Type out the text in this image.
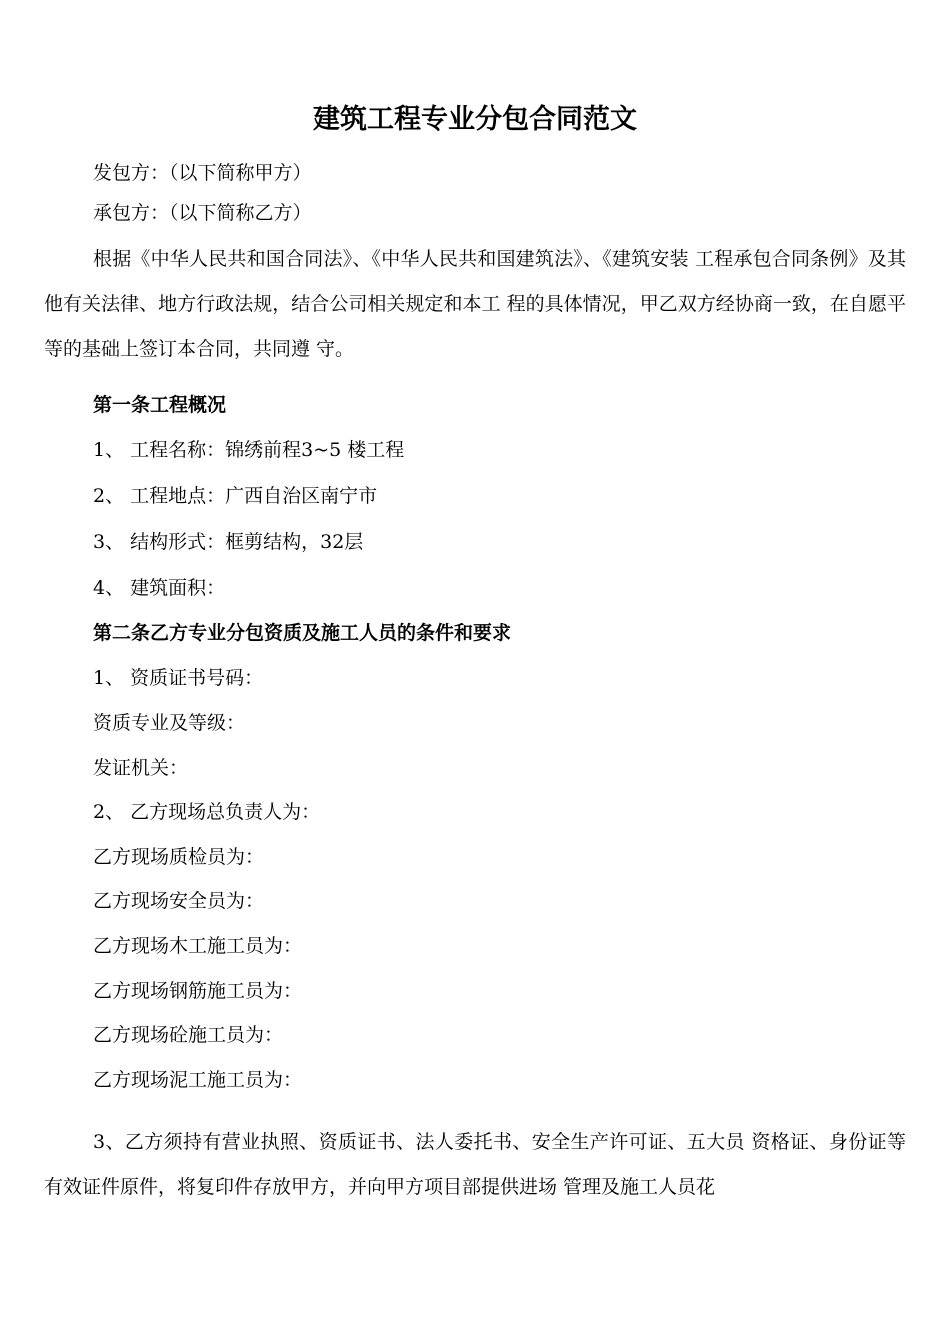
建筑工程专业分包合同范文
发包方：（以下简称甲方）
承包方：（以下简称乙方）
根据《中华人民共和国合同法》、《中华人民共和国建筑法》、《建筑安装 工程承包合同条例》及其他有关法律、地方行政法规，结合公司相关规定和本工 程的具体情况，甲乙双方经协商一致，在自愿平等的基础上签订本合同，共同遵 守。
第一条工程概况
1、 工程名称：锦绣前程3~5 楼工程
2、 工程地点：广西自治区南宁市
3、 结构形式：框剪结构，32层
4、 建筑面积：
第二条乙方专业分包资质及施工人员的条件和要求
1、 资质证书号码：
资质专业及等级：
发证机关：
2、 乙方现场总负责人为：
乙方现场质检员为：
乙方现场安全员为：
乙方现场木工施工员为：
乙方现场钢筋施工员为：
乙方现场砼施工员为：
乙方现场泥工施工员为：
3、乙方须持有营业执照、资质证书、法人委托书、安全生产许可证、五大员 资格证、身份证等有效证件原件，将复印件存放甲方，并向甲方项目部提供进场 管理及施工人员花
